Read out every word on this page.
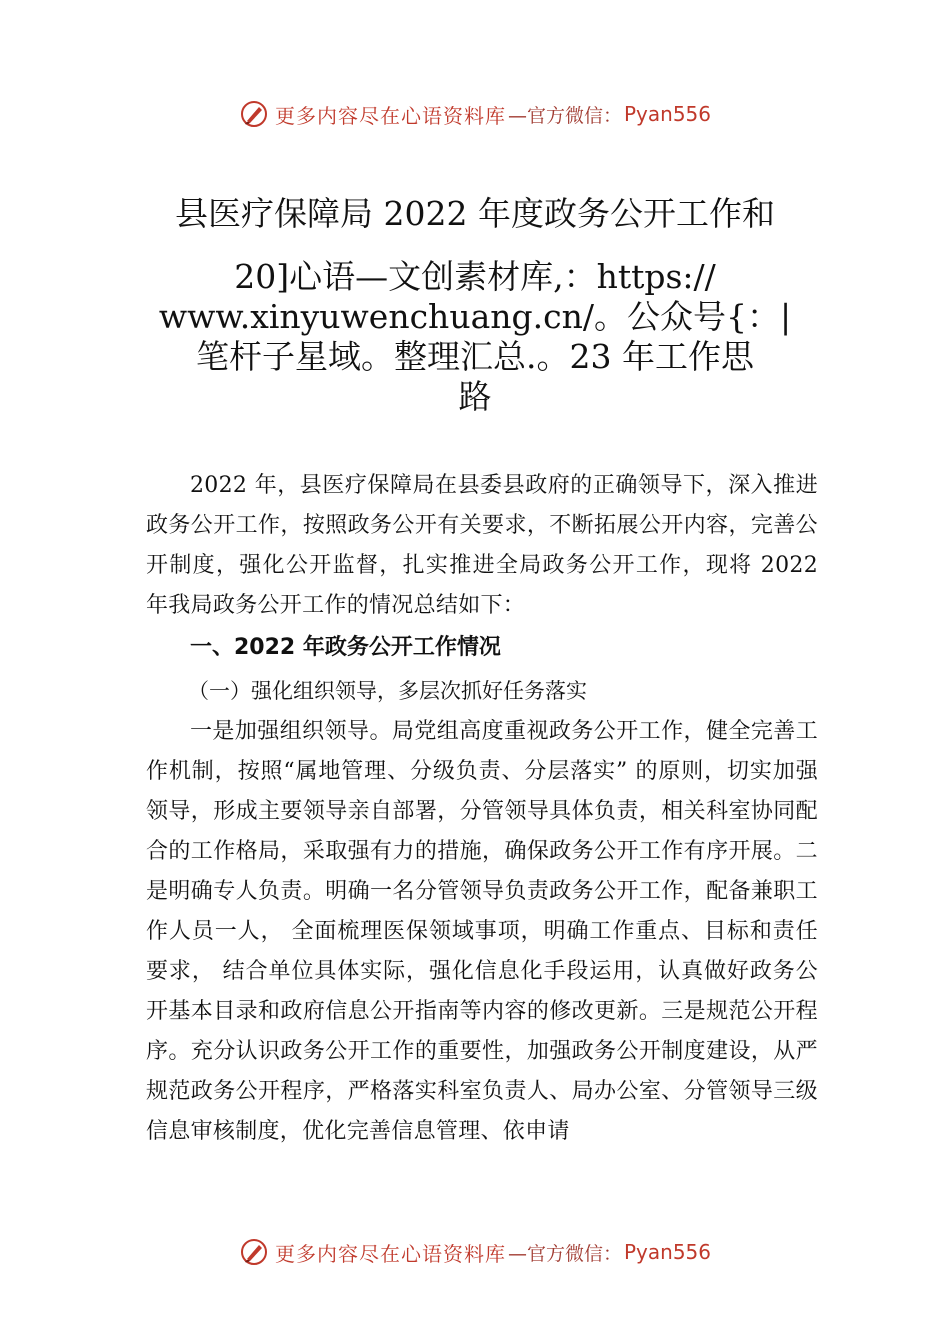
更多内容尽在心语资料库 —官方微信： Pyan556
县医疗保障局 2022 年度政务公开工作和
20]心语—文创素材库,：https://
www.xinyuwenchuang.cn/。公众号{：|
笔杆子星域。整理汇总.。23 年工作思
路

2022 年，县医疗保障局在县委县政府的正确领导下，深入推进政务公开工作，按照政务公开有关要求，不断拓展公开内容，完善公开制度，强化公开监督，扎实推进全局政务公开工作，现将 2022 年我局政务公开工作的情况总结如下：

一、2022 年政务公开工作情况

（一）强化组织领导，多层次抓好任务落实

一是加强组织领导。局党组高度重视政务公开工作，健全完善工作机制，按照“属地管理、分级负责、分层落实” 的原则，切实加强领导，形成主要领导亲自部署，分管领导具体负责，相关科室协同配合的工作格局，采取强有力的措施，确保政务公开工作有序开展。二是明确专人负责。明确一名分管领导负责政务公开工作，配备兼职工作人员一人， 全面梳理医保领域事项，明确工作重点、目标和责任要求， 结合单位具体实际，强化信息化手段运用，认真做好政务公开基本目录和政府信息公开指南等内容的修改更新。三是规范公开程序。充分认识政务公开工作的重要性，加强政务公开制度建设，从严规范政务公开程序，严格落实科室负责人、局办公室、分管领导三级信息审核制度，优化完善信息管理、依申请

更多内容尽在心语资料库 —官方微信： Pyan556
